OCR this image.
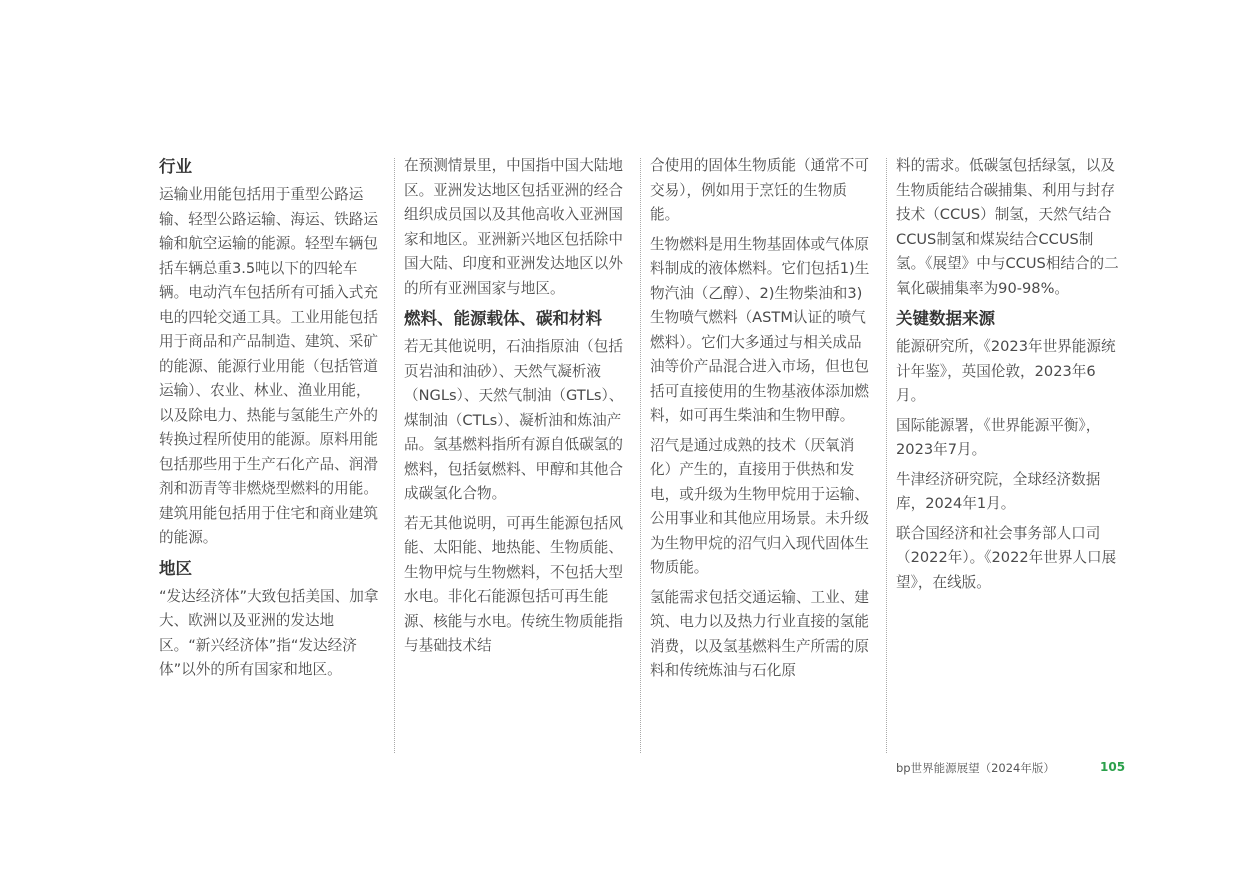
行业

运输业用能包括用于重型公路运输、轻型公路运输、海运、铁路运输和航空运输的能源。轻型车辆包括车辆总重3.5吨以下的四轮车辆。电动汽车包括所有可插入式充电的四轮交通工具。工业用能包括用于商品和产品制造、建筑、采矿的能源、能源行业用能（包括管道运输）、农业、林业、渔业用能，以及除电力、热能与氢能生产外的转换过程所使用的能源。原料用能包括那些用于生产石化产品、润滑剂和沥青等非燃烧型燃料的用能。建筑用能包括用于住宅和商业建筑的能源。

地区

“发达经济体”大致包括美国、加拿大、欧洲以及亚洲的发达地区。“新兴经济体”指“发达经济体”以外的所有国家和地区。

在预测情景里，中国指中国大陆地区。亚洲发达地区包括亚洲的经合组织成员国以及其他高收入亚洲国家和地区。亚洲新兴地区包括除中国大陆、印度和亚洲发达地区以外的所有亚洲国家与地区。

燃料、能源载体、碳和材料

若无其他说明，石油指原油（包括页岩油和油砂）、天然气凝析液（NGLs）、天然气制油（GTLs）、煤制油（CTLs）、凝析油和炼油产品。氢基燃料指所有源自低碳氢的燃料，包括氨燃料、甲醇和其他合成碳氢化合物。

若无其他说明，可再生能源包括风能、太阳能、地热能、生物质能、生物甲烷与生物燃料，不包括大型水电。非化石能源包括可再生能源、核能与水电。传统生物质能指与基础技术结

合使用的固体生物质能（通常不可交易），例如用于烹饪的生物质能。

生物燃料是用生物基固体或气体原料制成的液体燃料。它们包括1)生物汽油（乙醇）、2)生物柴油和3)生物喷气燃料（ASTM认证的喷气燃料）。它们大多通过与相关成品油等价产品混合进入市场，但也包括可直接使用的生物基液体添加燃料，如可再生柴油和生物甲醇。

沼气是通过成熟的技术（厌氧消化）产生的，直接用于供热和发电，或升级为生物甲烷用于运输、公用事业和其他应用场景。未升级为生物甲烷的沼气归入现代固体生物质能。

氢能需求包括交通运输、工业、建筑、电力以及热力行业直接的氢能消费，以及氢基燃料生产所需的原料和传统炼油与石化原

料的需求。低碳氢包括绿氢，以及生物质能结合碳捕集、利用与封存技术（CCUS）制氢，天然气结合CCUS制氢和煤炭结合CCUS制氢。《展望》中与CCUS相结合的二氧化碳捕集率为90-98%。

关键数据来源

能源研究所，《2023年世界能源统计年鉴》，英国伦敦，2023年6月。

国际能源署，《世界能源平衡》，2023年7月。

牛津经济研究院，全球经济数据库，2024年1月。

联合国经济和社会事务部人口司（2022年）。《2022年世界人口展望》，在线版。

bp世界能源展望（2024年版）	105
